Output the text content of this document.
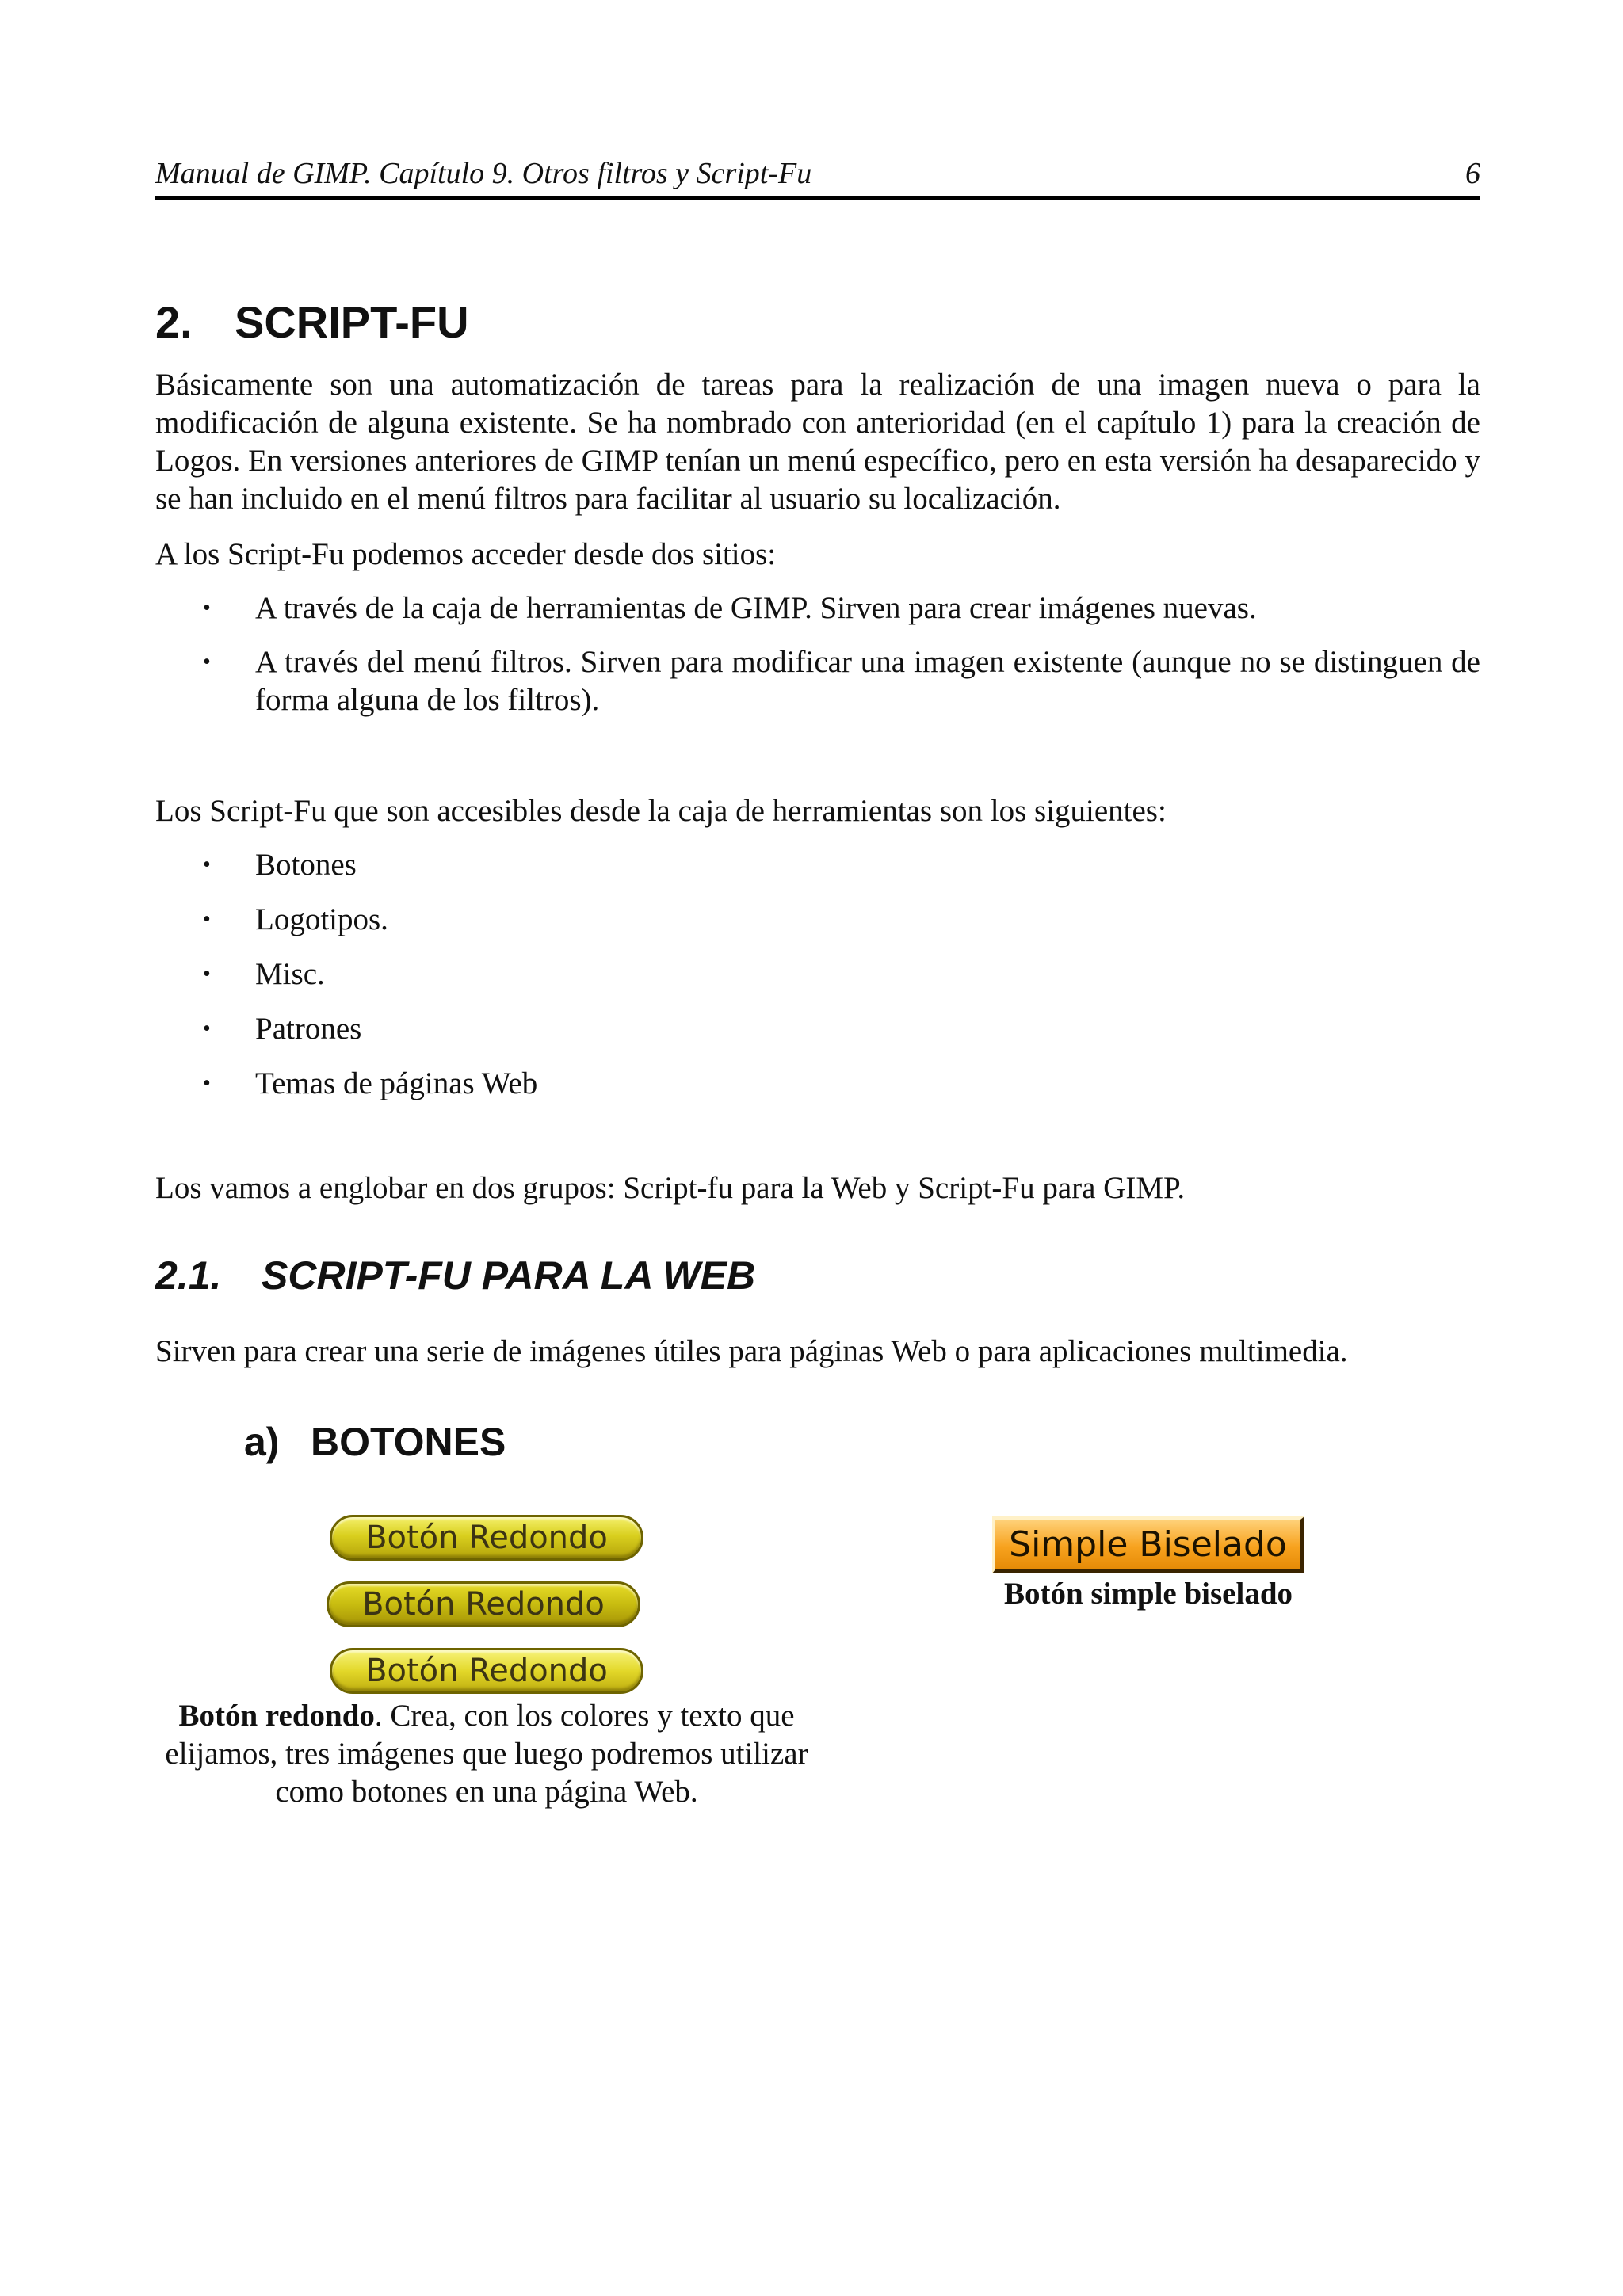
Manual de GIMP. Capítulo 9. Otros filtros y Script-Fu	6
2. SCRIPT-FU

Básicamente son una automatización de tareas para la realización de una imagen nueva o para la modificación de alguna existente. Se ha nombrado con anterioridad (en el capítulo 1) para la creación de Logos. En versiones anteriores de GIMP tenían un menú específico, pero en esta versión ha desaparecido y se han incluido en el menú filtros para facilitar al usuario su localización.

A los Script-Fu podemos acceder desde dos sitios:

• A través de la caja de herramientas de GIMP. Sirven para crear imágenes nuevas.
• A través del menú filtros. Sirven para modificar una imagen existente (aunque no se distinguen de forma alguna de los filtros).

Los Script-Fu que son accesibles desde la caja de herramientas son los siguientes:

• Botones
• Logotipos.
• Misc.
• Patrones
• Temas de páginas Web

Los vamos a englobar en dos grupos: Script-fu para la Web y Script-Fu para GIMP.

2.1.	SCRIPT-FU PARA LA WEB

Sirven para crear una serie de imágenes útiles para páginas Web o para aplicaciones multimedia.

a) BOTONES
Botón Redondo
Botón Redondo
Botón Redondo
Botón redondo. Crea, con los colores y texto que elijamos, tres imágenes que luego podremos utilizar como botones en una página Web.
Simple Biselado
Botón simple biselado
